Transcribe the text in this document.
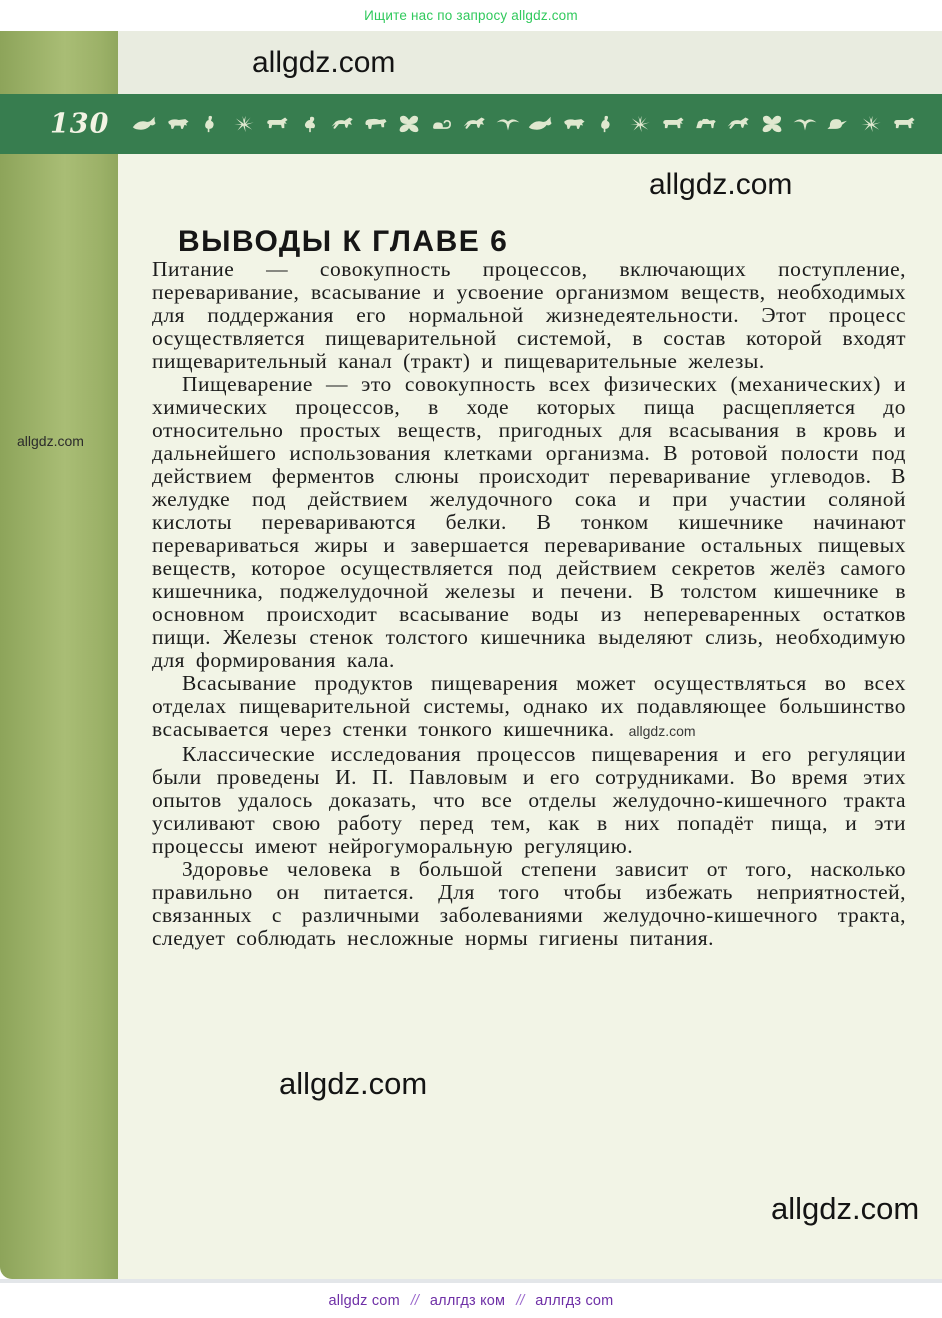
Ищите нас по запросу allgdz.com
130
allgdz.com
allgdz.com
allgdz.com
allgdz.com
allgdz.com
ВЫВОДЫ К ГЛАВЕ 6

Питание — совокупность процессов, включающих поступление, переваривание, всасывание и усвоение организмом веществ, необходимых для поддержания его нормальной жизнедеятельности. Этот процесс осуществляется пищеварительной системой, в состав которой входят пищеварительный канал (тракт) и пищеварительные железы.

Пищеварение — это совокупность всех физических (механических) и химических процессов, в ходе которых пища расщепляется до относительно простых веществ, пригодных для всасывания в кровь и дальнейшего использования клетками организма. В ротовой полости под действием ферментов слюны происходит переваривание углеводов. В желудке под действием желудочного сока и при участии соляной кислоты перевариваются белки. В тонком кишечнике начинают перевариваться жиры и завершается переваривание остальных пищевых веществ, которое осуществляется под действием секретов желёз самого кишечника, поджелудочной железы и печени. В толстом кишечнике в основном происходит всасывание воды из непереваренных остатков пищи. Железы стенок толстого кишечника выделяют слизь, необходимую для формирования кала.

Всасывание продуктов пищеварения может осуществляться во всех отделах пищеварительной системы, однако их подавляющее большинство всасывается через стенки тонкого кишечника. allgdz.com

Классические исследования процессов пищеварения и его регуляции были проведены И. П. Павловым и его сотрудниками. Во время этих опытов удалось доказать, что все отделы желудочно-кишечного тракта усиливают свою работу перед тем, как в них попадёт пища, и эти процессы имеют нейрогуморальную регуляцию.

Здоровье человека в большой степени зависит от того, насколько правильно он питается. Для того чтобы избежать неприятностей, связанных с различными заболеваниями желудочно-кишечного тракта, следует соблюдать несложные нормы гигиены питания.

allgdz com // аллгдз ком // аллгдз com
